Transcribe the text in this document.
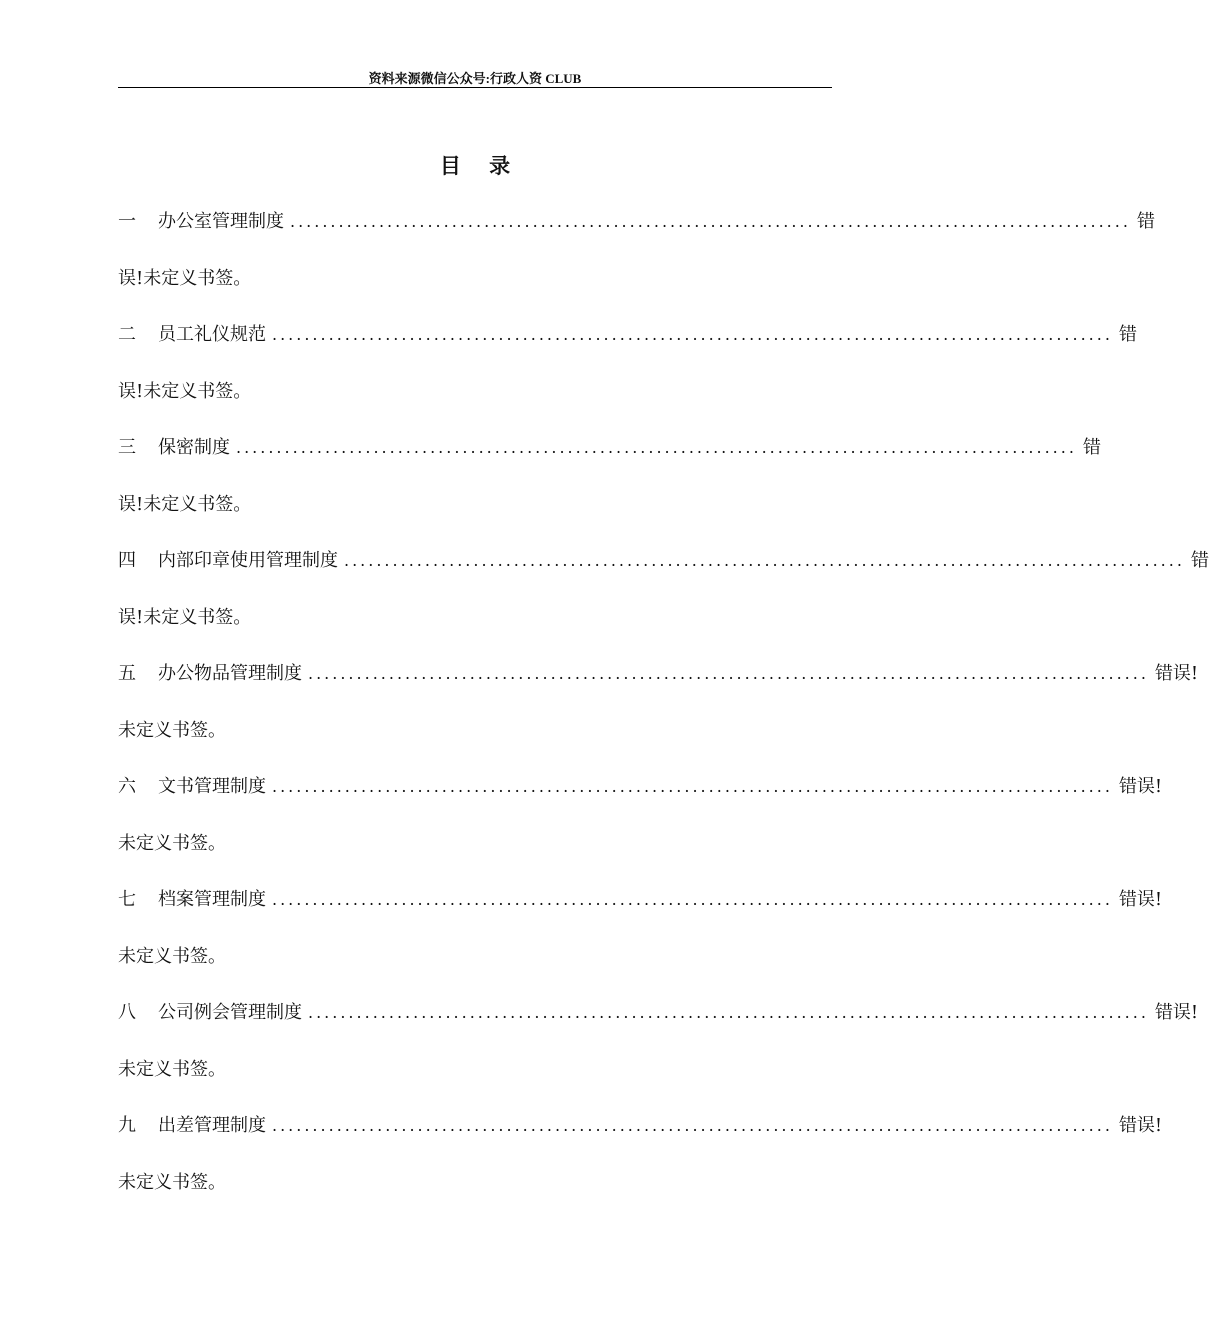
资料来源微信公众号:行政人资 CLUB
目 录
一	办公室管理制度 ........................................................................................................ 错
误!未定义书签。
二	员工礼仪规范 ........................................................................................................ 错
误!未定义书签。
三	保密制度 ........................................................................................................ 错
误!未定义书签。
四	内部印章使用管理制度 ........................................................................................................ 错
误!未定义书签。
五	办公物品管理制度 ........................................................................................................ 错误!
未定义书签。
六	文书管理制度 ........................................................................................................ 错误!
未定义书签。
七	档案管理制度 ........................................................................................................ 错误!
未定义书签。
八	公司例会管理制度 ........................................................................................................ 错误!
未定义书签。
九	出差管理制度 ........................................................................................................ 错误!
未定义书签。
